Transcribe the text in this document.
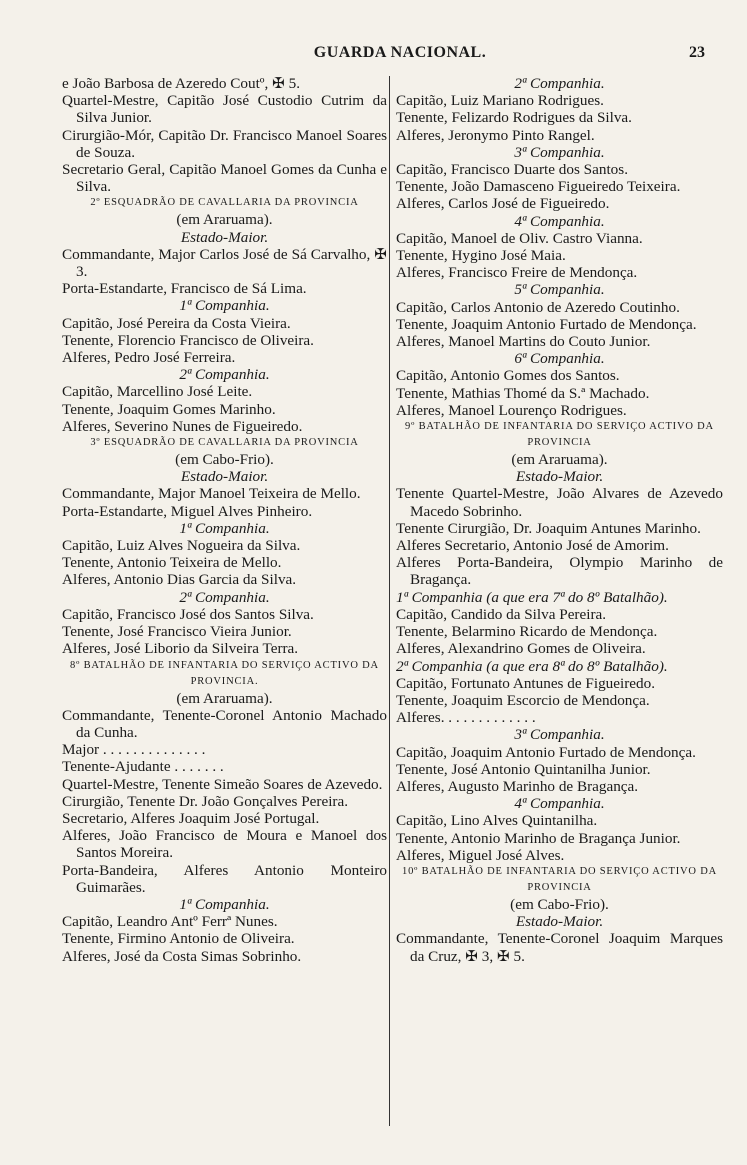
GUARDA NACIONAL.	23
e João Barbosa de Azeredo Coutº, ✠ 5.
Quartel-Mestre, Capitão José Custodio Cutrim da Silva Junior.
Cirurgião-Mór, Capitão Dr. Francisco Manoel Soares de Souza.
Secretario Geral, Capitão Manoel Gomes da Cunha e Silva.
2º ESQUADRÃO DE CAVALLARIA DA PROVINCIA
(em Araruama).
Estado-Maior.
Commandante, Major Carlos José de Sá Carvalho, ✠ 3.
Porta-Estandarte, Francisco de Sá Lima.
1ª Companhia.
Capitão, José Pereira da Costa Vieira.
Tenente, Florencio Francisco de Oliveira.
Alferes, Pedro José Ferreira.
2ª Companhia.
Capitão, Marcellino José Leite.
Tenente, Joaquim Gomes Marinho.
Alferes, Severino Nunes de Figueiredo.
3º ESQUADRÃO DE CAVALLARIA DA PROVINCIA
(em Cabo-Frio).
Estado-Maior.
Commandante, Major Manoel Teixeira de Mello.
Porta-Estandarte, Miguel Alves Pinheiro.
1ª Companhia.
Capitão, Luiz Alves Nogueira da Silva.
Tenente, Antonio Teixeira de Mello.
Alferes, Antonio Dias Garcia da Silva.
2ª Companhia.
Capitão, Francisco José dos Santos Silva.
Tenente, José Francisco Vieira Junior.
Alferes, José Liborio da Silveira Terra.
8º BATALHÃO DE INFANTARIA DO SERVIÇO ACTIVO DA PROVINCIA.
(em Araruama).
Commandante, Tenente-Coronel Antonio Machado da Cunha.
Major . . . . . . . . . . . . . .
Tenente-Ajudante . . . . . . .
Quartel-Mestre, Tenente Simeão Soares de Azevedo.
Cirurgião, Tenente Dr. João Gonçalves Pereira.
Secretario, Alferes Joaquim José Portugal.
Alferes, João Francisco de Moura e Manoel dos Santos Moreira.
Porta-Bandeira, Alferes Antonio Monteiro Guimarães.
1ª Companhia.
Capitão, Leandro Antº Ferrª Nunes.
Tenente, Firmino Antonio de Oliveira.
Alferes, José da Costa Simas Sobrinho.
2ª Companhia.
Capitão, Luiz Mariano Rodrigues.
Tenente, Felizardo Rodrigues da Silva.
Alferes, Jeronymo Pinto Rangel.
3ª Companhia.
Capitão, Francisco Duarte dos Santos.
Tenente, João Damasceno Figueiredo Teixeira.
Alferes, Carlos José de Figueiredo.
4ª Companhia.
Capitão, Manoel de Oliv. Castro Vianna.
Tenente, Hygino José Maia.
Alferes, Francisco Freire de Mendonça.
5ª Companhia.
Capitão, Carlos Antonio de Azeredo Coutinho.
Tenente, Joaquim Antonio Furtado de Mendonça.
Alferes, Manoel Martins do Couto Junior.
6ª Companhia.
Capitão, Antonio Gomes dos Santos.
Tenente, Mathias Thomé da S.ª Machado.
Alferes, Manoel Lourenço Rodrigues.
9º BATALHÃO DE INFANTARIA DO SERVIÇO ACTIVO DA PROVINCIA
(em Araruama).
Estado-Maior.
Tenente Quartel-Mestre, João Alvares de Azevedo Macedo Sobrinho.
Tenente Cirurgião, Dr. Joaquim Antunes Marinho.
Alferes Secretario, Antonio José de Amorim.
Alferes Porta-Bandeira, Olympio Marinho de Bragança.
1ª Companhia (a que era 7ª do 8º Batalhão).
Capitão, Candido da Silva Pereira.
Tenente, Belarmino Ricardo de Mendonça.
Alferes, Alexandrino Gomes de Oliveira.
2ª Companhia (a que era 8ª do 8º Batalhão).
Capitão, Fortunato Antunes de Figueiredo.
Tenente, Joaquim Escorcio de Mendonça.
Alferes. . . . . . . . . . . . .
3ª Companhia.
Capitão, Joaquim Antonio Furtado de Mendonça.
Tenente, José Antonio Quintanilha Junior.
Alferes, Augusto Marinho de Bragança.
4ª Companhia.
Capitão, Lino Alves Quintanilha.
Tenente, Antonio Marinho de Bragança Junior.
Alferes, Miguel José Alves.
10º BATALHÃO DE INFANTARIA DO SERVIÇO ACTIVO DA PROVINCIA
(em Cabo-Frio).
Estado-Maior.
Commandante, Tenente-Coronel Joaquim Marques da Cruz, ✠ 3, ✠ 5.
